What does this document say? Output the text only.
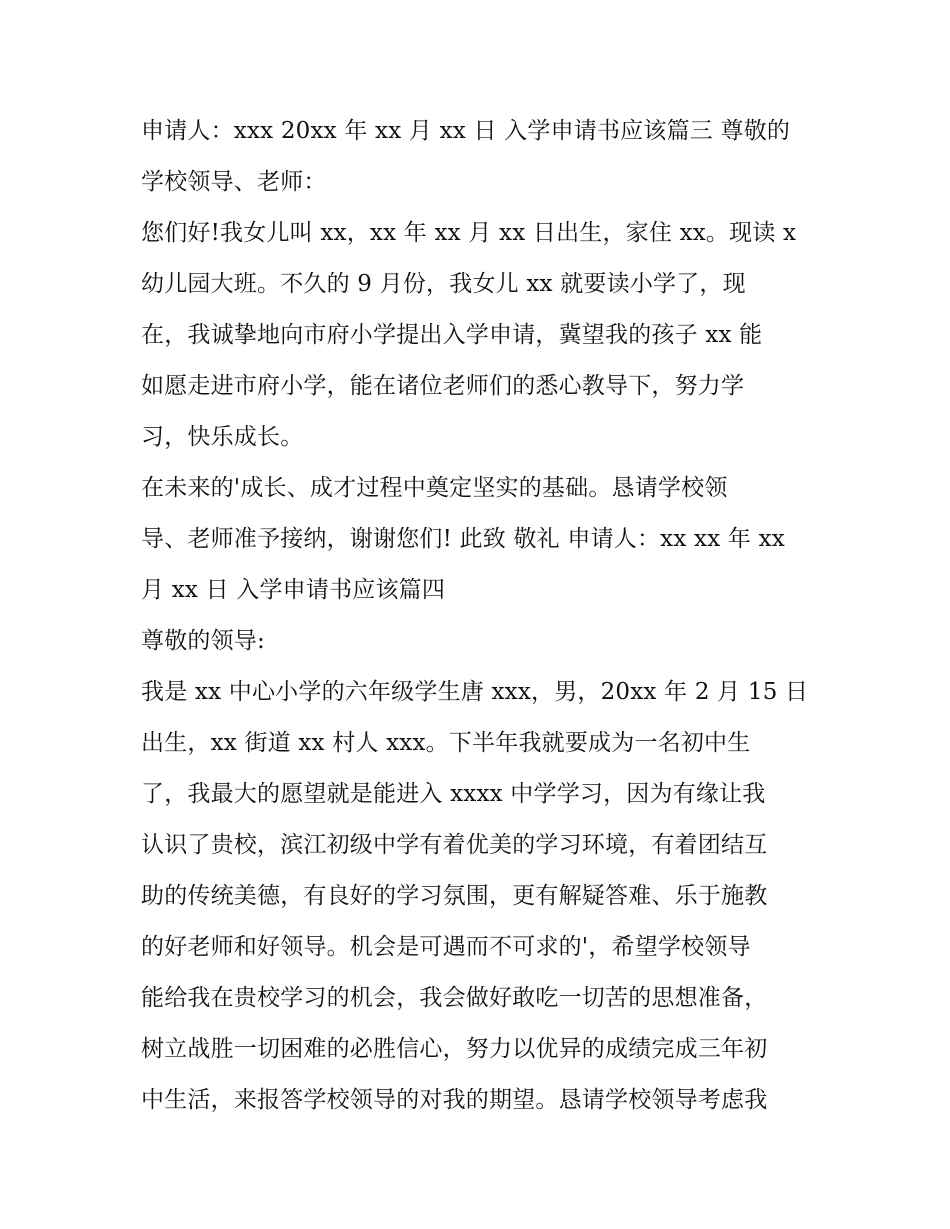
申请人：xxx 20xx 年 xx 月 xx 日 入学申请书应该篇三 尊敬的
学校领导、老师：
您们好!我女儿叫 xx，xx 年 xx 月 xx 日出生，家住 xx。现读 x
幼儿园大班。不久的 9 月份，我女儿 xx 就要读小学了，现
在，我诚挚地向市府小学提出入学申请，冀望我的孩子 xx 能
如愿走进市府小学，能在诸位老师们的悉心教导下，努力学
习，快乐成长。
在未来的'成长、成才过程中奠定坚实的基础。恳请学校领
导、老师准予接纳，谢谢您们! 此致 敬礼 申请人：xx xx 年 xx
月 xx 日 入学申请书应该篇四
尊敬的领导:
我是 xx 中心小学的六年级学生唐 xxx，男，20xx 年 2 月 15 日
出生，xx 街道 xx 村人 xxx。下半年我就要成为一名初中生
了，我最大的愿望就是能进入 xxxx 中学学习，因为有缘让我
认识了贵校，滨江初级中学有着优美的学习环境，有着团结互
助的传统美德，有良好的学习氛围，更有解疑答难、乐于施教
的好老师和好领导。机会是可遇而不可求的'，希望学校领导
能给我在贵校学习的机会，我会做好敢吃一切苦的思想准备，
树立战胜一切困难的必胜信心，努力以优异的成绩完成三年初
中生活，来报答学校领导的对我的期望。恳请学校领导考虑我
